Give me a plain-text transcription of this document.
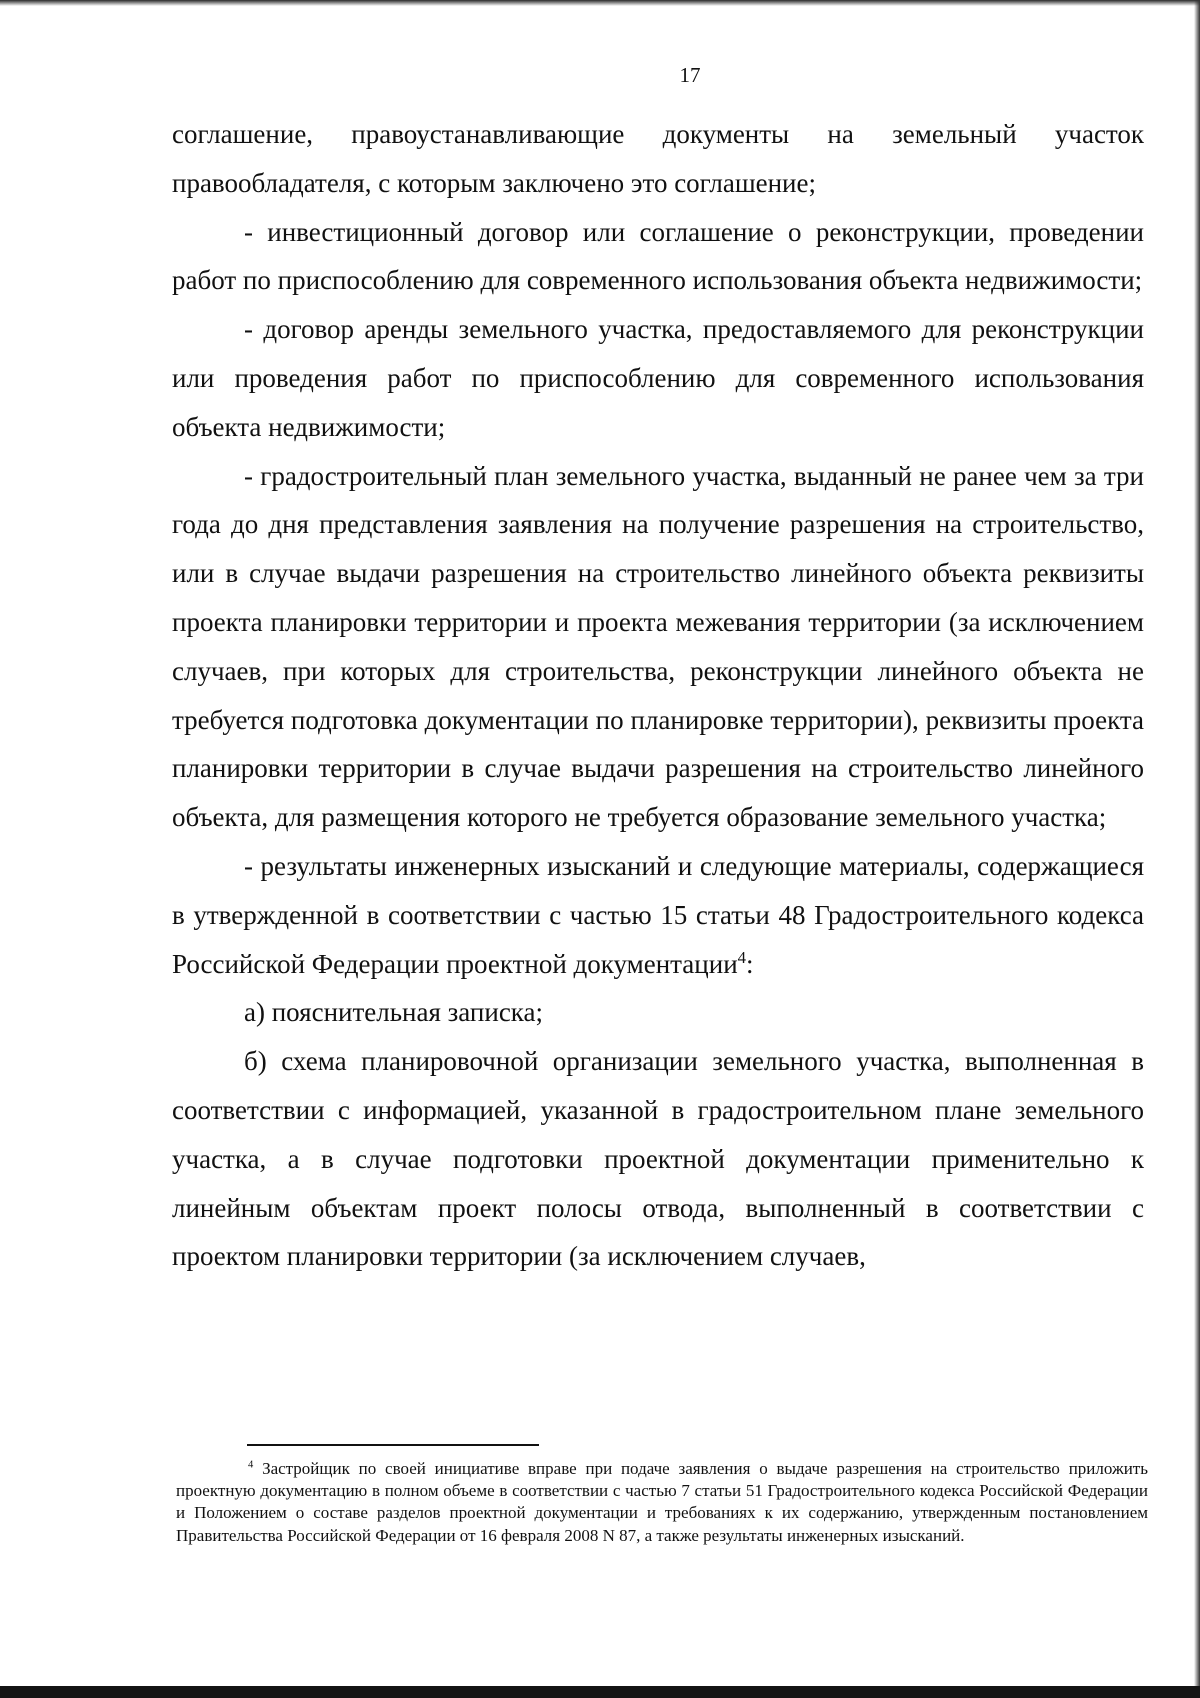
17

соглашение, правоустанавливающие документы на земельный участок правообладателя, с которым заключено это соглашение;

- инвестиционный договор или соглашение о реконструкции, проведении работ по приспособлению для современного использования объекта недвижимости;

- договор аренды земельного участка, предоставляемого для реконструкции или проведения работ по приспособлению для современного использования объекта недвижимости;

- градостроительный план земельного участка, выданный не ранее чем за три года до дня представления заявления на получение разрешения на строительство, или в случае выдачи разрешения на строительство линейного объекта реквизиты проекта планировки территории и проекта межевания территории (за исключением случаев, при которых для строительства, реконструкции линейного объекта не требуется подготовка документации по планировке территории), реквизиты проекта планировки территории в случае выдачи разрешения на строительство линейного объекта, для размещения которого не требуется образование земельного участка;

- результаты инженерных изысканий и следующие материалы, содержащиеся в утвержденной в соответствии с частью 15 статьи 48 Градостроительного кодекса Российской Федерации проектной документации$^4$:

а) пояснительная записка;

б) схема планировочной организации земельного участка, выполненная в соответствии с информацией, указанной в градостроительном плане земельного участка, а в случае подготовки проектной документации применительно к линейным объектам проект полосы отвода, выполненный в соответствии с проектом планировки территории (за исключением случаев,

$^4$ Застройщик по своей инициативе вправе при подаче заявления о выдаче разрешения на строительство приложить проектную документацию в полном объеме в соответствии с частью 7 статьи 51 Градостроительного кодекса Российской Федерации и Положением о составе разделов проектной документации и требованиях к их содержанию, утвержденным постановлением Правительства Российской Федерации от 16 февраля 2008 N 87, а также результаты инженерных изысканий.
